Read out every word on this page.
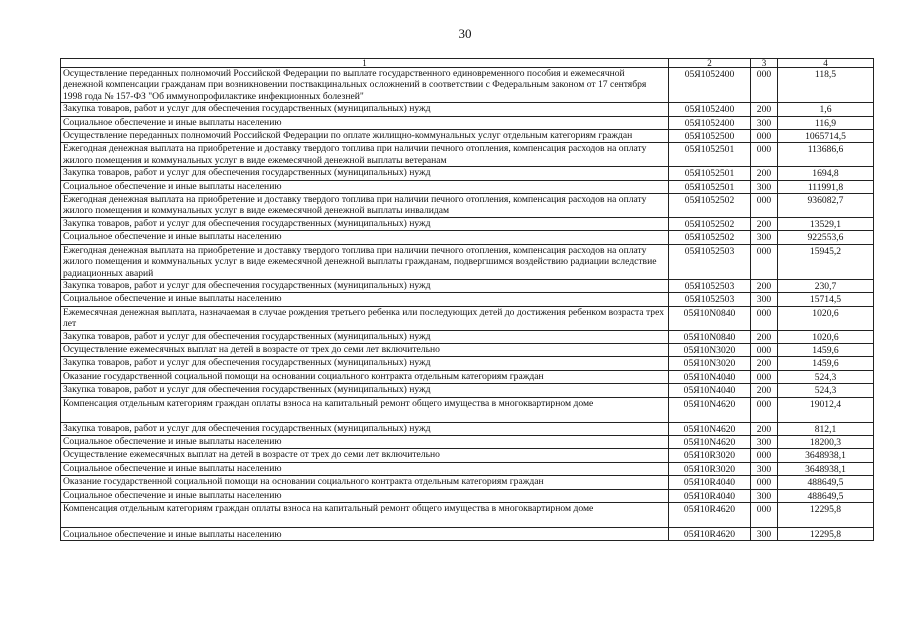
30
1	2	3	4
Осуществление переданных полномочий Российской Федерации по выплате государственного единовременного пособия и ежемесячной денежной компенсации гражданам при возникновении поствакцинальных осложнений в соответствии с Федеральным законом от 17 сентября 1998 года № 157-ФЗ "Об иммунопрофилактике инфекционных болезней"	05Я1052400	000	118,5
Закупка товаров, работ и услуг для обеспечения государственных (муниципальных) нужд	05Я1052400	200	1,6
Социальное обеспечение и иные выплаты населению	05Я1052400	300	116,9
Осуществление переданных полномочий Российской Федерации по оплате жилищно-коммунальных услуг отдельным категориям граждан	05Я1052500	000	1065714,5
Ежегодная денежная выплата на приобретение и доставку твердого топлива при наличии печного отопления, компенсация расходов на оплату жилого помещения и коммунальных услуг в виде ежемесячной денежной выплаты ветеранам	05Я1052501	000	113686,6
Закупка товаров, работ и услуг для обеспечения государственных (муниципальных) нужд	05Я1052501	200	1694,8
Социальное обеспечение и иные выплаты населению	05Я1052501	300	111991,8
Ежегодная денежная выплата на приобретение и доставку твердого топлива при наличии печного отопления, компенсация расходов на оплату жилого помещения и коммунальных услуг в виде ежемесячной денежной выплаты инвалидам	05Я1052502	000	936082,7
Закупка товаров, работ и услуг для обеспечения государственных (муниципальных) нужд	05Я1052502	200	13529,1
Социальное обеспечение и иные выплаты населению	05Я1052502	300	922553,6
Ежегодная денежная выплата на приобретение и доставку твердого топлива при наличии печного отопления, компенсация расходов на оплату жилого помещения и коммунальных услуг в виде ежемесячной денежной выплаты гражданам, подвергшимся воздействию радиации вследствие радиационных аварий	05Я1052503	000	15945,2
Закупка товаров, работ и услуг для обеспечения государственных (муниципальных) нужд	05Я1052503	200	230,7
Социальное обеспечение и иные выплаты населению	05Я1052503	300	15714,5
Ежемесячная денежная выплата, назначаемая в случае рождения третьего ребенка или последующих детей до достижения ребенком возраста трех лет	05Я10N0840	000	1020,6
Закупка товаров, работ и услуг для обеспечения государственных (муниципальных) нужд	05Я10N0840	200	1020,6
Осуществление ежемесячных выплат на детей в возрасте от трех до семи лет включительно	05Я10N3020	000	1459,6
Закупка товаров, работ и услуг для обеспечения государственных (муниципальных) нужд	05Я10N3020	200	1459,6
Оказание государственной социальной помощи на основании социального контракта отдельным категориям граждан	05Я10N4040	000	524,3
Закупка товаров, работ и услуг для обеспечения государственных (муниципальных) нужд	05Я10N4040	200	524,3
Компенсация отдельным категориям граждан оплаты взноса на капитальный ремонт общего имущества в многоквартирном доме	05Я10N4620	000	19012,4
Закупка товаров, работ и услуг для обеспечения государственных (муниципальных) нужд	05Я10N4620	200	812,1
Социальное обеспечение и иные выплаты населению	05Я10N4620	300	18200,3
Осуществление ежемесячных выплат на детей в возрасте от трех до семи лет включительно	05Я10R3020	000	3648938,1
Социальное обеспечение и иные выплаты населению	05Я10R3020	300	3648938,1
Оказание государственной социальной помощи на основании социального контракта отдельным категориям граждан	05Я10R4040	000	488649,5
Социальное обеспечение и иные выплаты населению	05Я10R4040	300	488649,5
Компенсация отдельным категориям граждан оплаты взноса на капитальный ремонт общего имущества в многоквартирном доме	05Я10R4620	000	12295,8
Социальное обеспечение и иные выплаты населению	05Я10R4620	300	12295,8
